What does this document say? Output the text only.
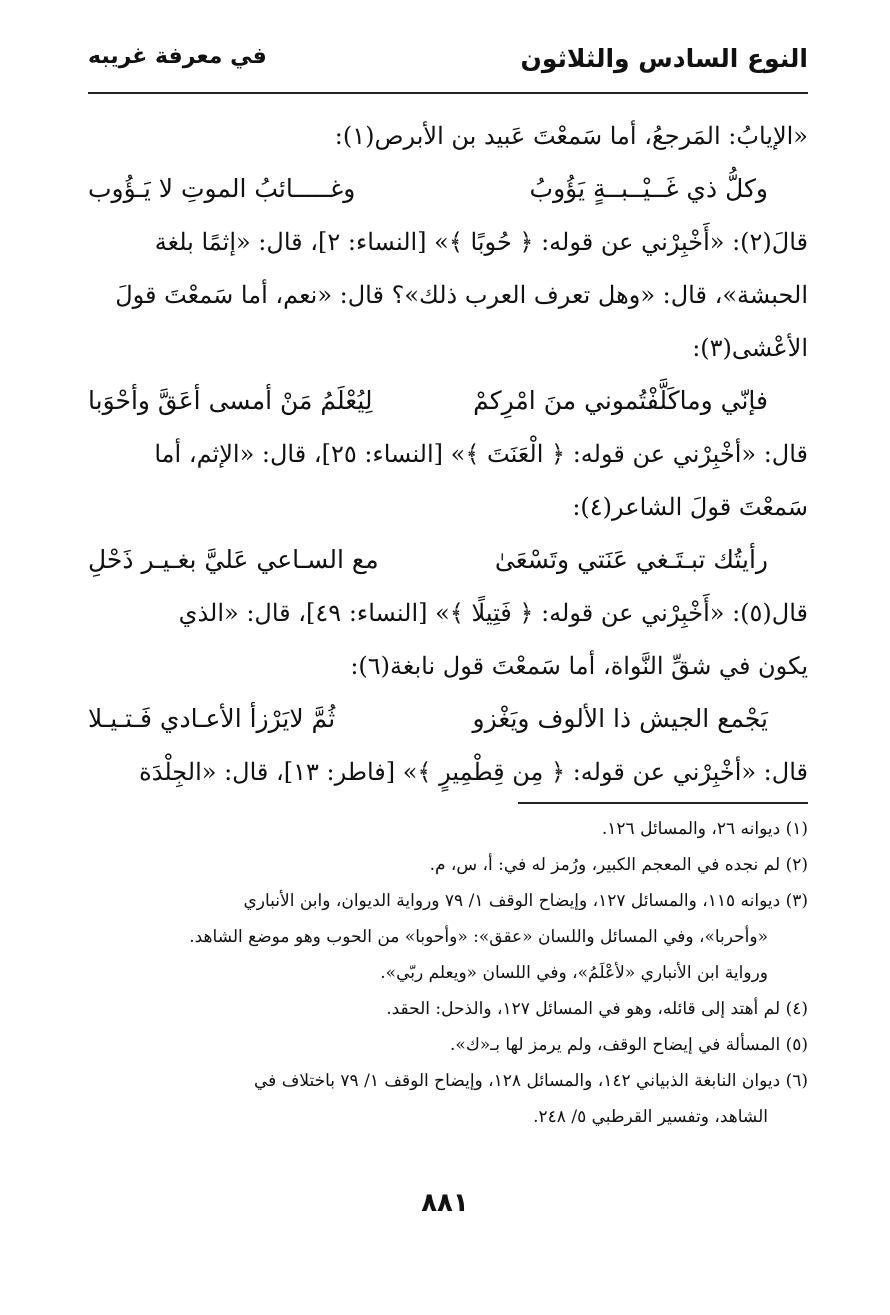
النوع السادس والثلاثون
في معرفة غريبه
«الإيابُ: المَرجعُ، أما سَمعْتَ عَبيد بن الأبرص(١):
وكلُّ ذي غَــيْــبــةٍ يَؤُوبُ
وغـــــائبُ الموتِ لا يَـؤُوب
قالَ(٢): «أَخْبِرْني عن قوله: ﴿ حُوبًا ﴾» [النساء: ٢]، قال: «إثمًا بلغة
الحبشة»، قال: «وهل تعرف العرب ذلك»؟ قال: «نعم، أما سَمعْتَ قولَ
الأعْشى(٣):
فإنّي وماكَلَّفْتُموني منَ امْرِكمْ
لِيُعْلَمُ مَنْ أمسى أعَقَّ وأحْوَبا
قال: «أخْبِرْني عن قوله: ﴿ الْعَنَتَ ﴾» [النساء: ٢٥]، قال: «الإثم، أما
سَمعْتَ قولَ الشاعر(٤):
رأيتُك تبـتَـغي عَنَتي وتَسْعَىٰ
مع السـاعي عَليَّ بغـيـر ذَحْلِ
قال(٥): «أَخْبِرْني عن قوله: ﴿ فَتِيلًا ﴾» [النساء: ٤٩]، قال: «الذي
يكون في شقِّ النَّواة، أما سَمعْتَ قول نابغة(٦):
يَجْمع الجيش ذا الألوف ويَغْزو
ثُمَّ لايَرْزأ الأعـادي فَـتـيـلا
قال: «أخْبِرْني عن قوله: ﴿ مِن قِطْمِيرٍ ﴾» [فاطر: ١٣]، قال: «الجِلْدَة
(١) ديوانه ٢٦، والمسائل ١٢٦.
(٢) لم نجده في المعجم الكبير، ورُمز له في: أ، س، م.
(٣) ديوانه ١١٥، والمسائل ١٢٧، وإيضاح الوقف ١/ ٧٩ ورواية الديوان، وابن الأنباري
«وأحربا»، وفي المسائل واللسان «عقق»: «وأحوبا» من الحوب وهو موضع الشاهد.
ورواية ابن الأنباري «لأعْلَمُ»، وفي اللسان «ويعلم ربّي».
(٤) لم أهتد إلى قائله، وهو في المسائل ١٢٧، والذحل: الحقد.
(٥) المسألة في إيضاح الوقف، ولم يرمز لها بـ«ك».
(٦) ديوان النابغة الذبياني ١٤٢، والمسائل ١٢٨، وإيضاح الوقف ١/ ٧٩ باختلاف في
الشاهد، وتفسير القرطبي ٥/ ٢٤٨.
٨٨١
